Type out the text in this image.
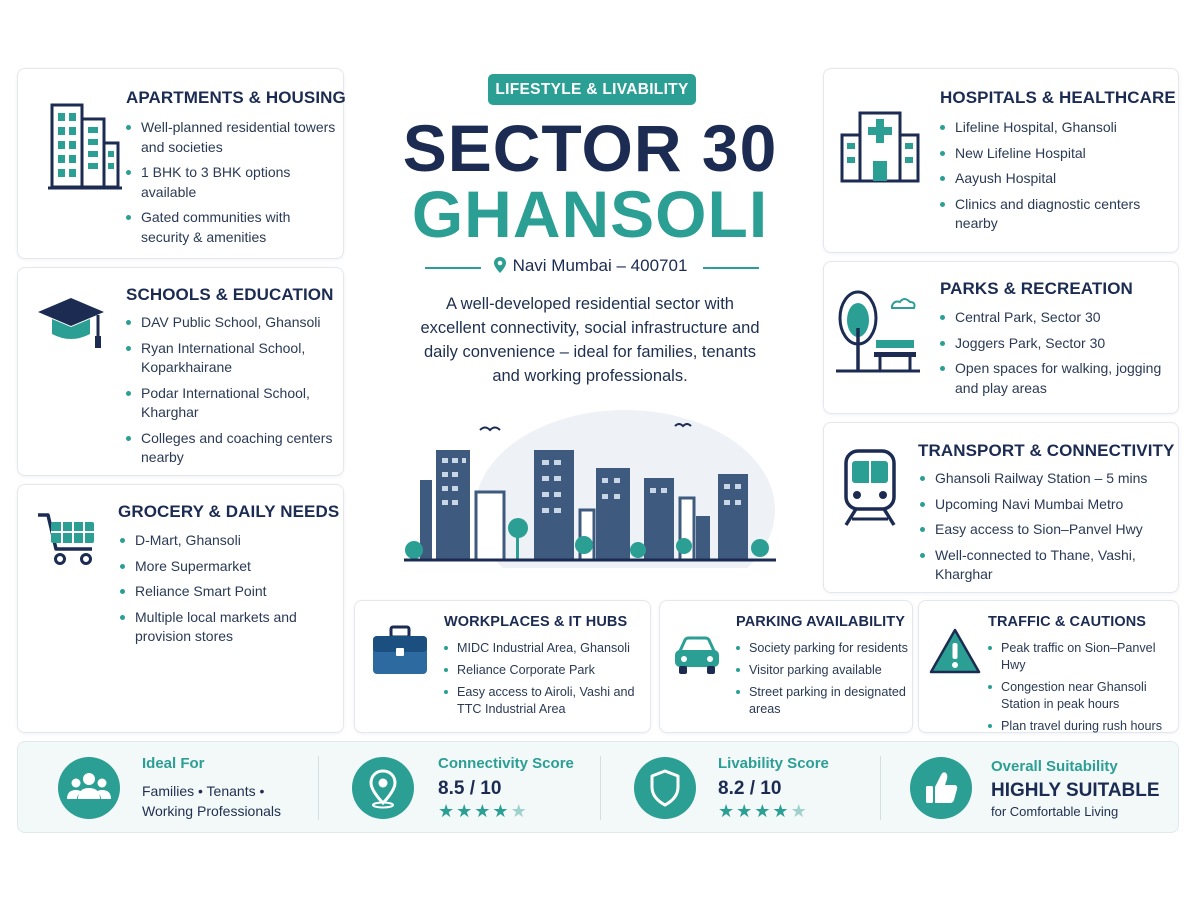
APARTMENTS & HOUSING
Well-planned residential towers and societies
1 BHK to 3 BHK options available
Gated communities with security & amenities
SCHOOLS & EDUCATION
DAV Public School, Ghansoli
Ryan International School, Koparkhairane
Podar International School, Kharghar
Colleges and coaching centers nearby
GROCERY & DAILY NEEDS
D-Mart, Ghansoli
More Supermarket
Reliance Smart Point
Multiple local markets and provision stores
LIFESTYLE & LIVABILITY
SECTOR 30
GHANSOLI
Navi Mumbai – 400701
A well-developed residential sector with excellent connectivity, social infrastructure and daily convenience – ideal for families, tenants and working professionals.
HOSPITALS & HEALTHCARE
Lifeline Hospital, Ghansoli
New Lifeline Hospital
Aayush Hospital
Clinics and diagnostic centers nearby
PARKS & RECREATION
Central Park, Sector 30
Joggers Park, Sector 30
Open spaces for walking, jogging and play areas
TRANSPORT & CONNECTIVITY
Ghansoli Railway Station – 5 mins
Upcoming Navi Mumbai Metro
Easy access to Sion–Panvel Hwy
Well-connected to Thane, Vashi, Kharghar
WORKPLACES & IT HUBS
MIDC Industrial Area, Ghansoli
Reliance Corporate Park
Easy access to Airoli, Vashi and TTC Industrial Area
PARKING AVAILABILITY
Society parking for residents
Visitor parking available
Street parking in designated areas
TRAFFIC & CAUTIONS
Peak traffic on Sion–Panvel Hwy
Congestion near Ghansoli Station in peak hours
Plan travel during rush hours
Ideal For
Families • Tenants •
Working Professionals
Connectivity Score
8.5 / 10
★★★★★
Livability Score
8.2 / 10
★★★★★
Overall Suitability
HIGHLY SUITABLE
for Comfortable Living
